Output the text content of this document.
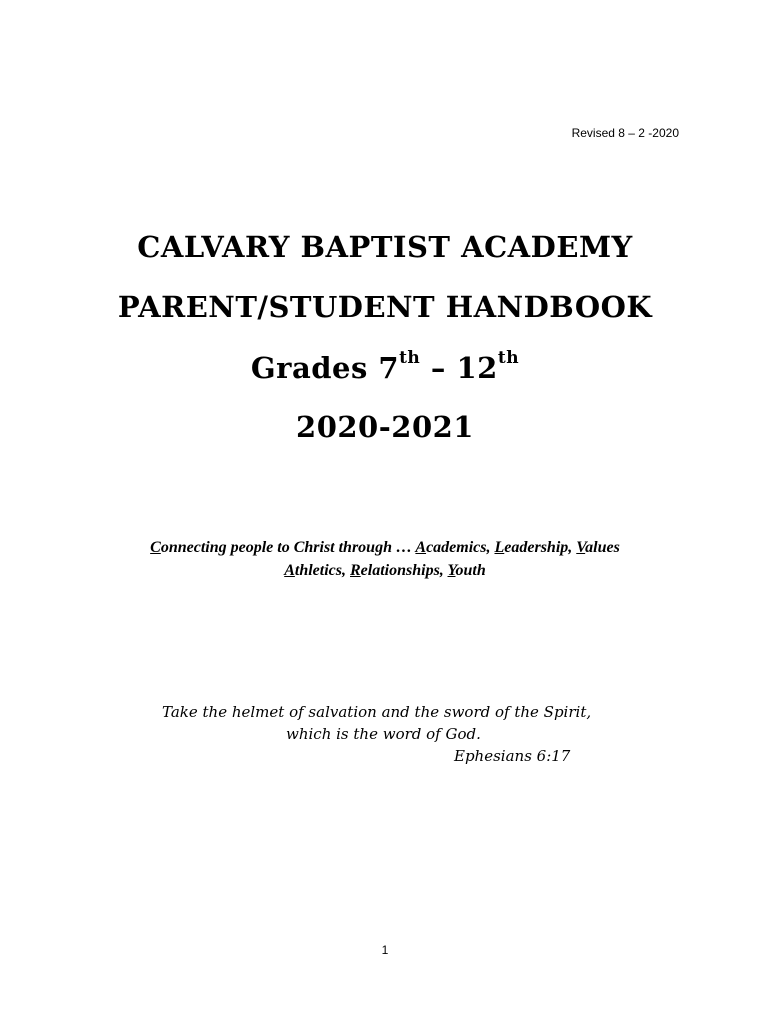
Revised 8 – 2 -2020
CALVARY BAPTIST ACADEMY
PARENT/STUDENT HANDBOOK
Grades 7th – 12th
2020-2021
Connecting people to Christ through … Academics, Leadership, Values
Athletics, Relationships, Youth
Take the helmet of salvation and the sword of the Spirit,
which is the word of God.
Ephesians 6:17
1
